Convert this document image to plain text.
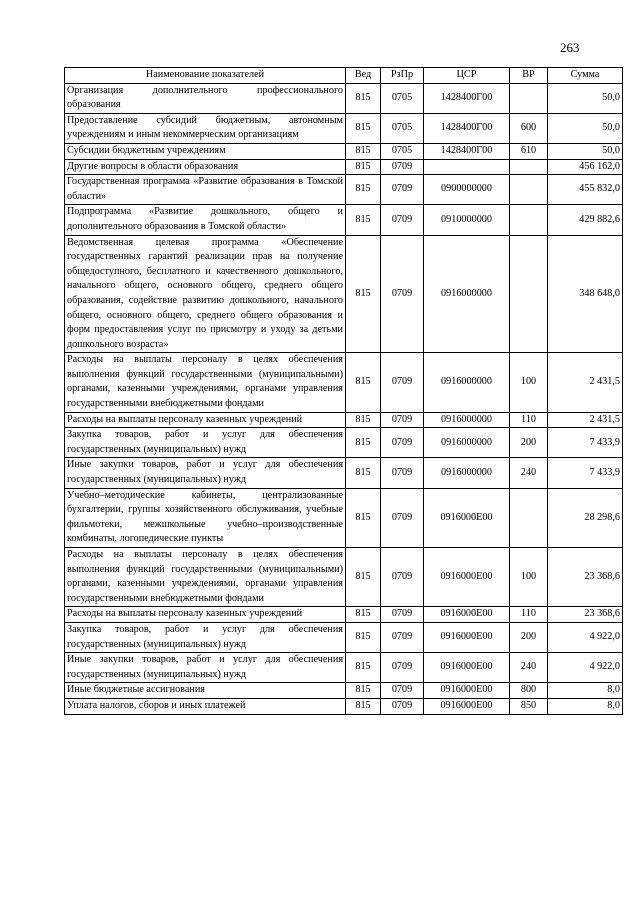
263
Наименование показателей	Вед	РзПр	ЦСР	ВР	Сумма
Организация дополнительного профессионального образования	815	0705	1428400Г00		50,0
Предоставление субсидий бюджетным, автономным учреждениям и иным некоммерческим организациям	815	0705	1428400Г00	600	50,0
Субсидии бюджетным учреждениям	815	0705	1428400Г00	610	50,0
Другие вопросы в области образования	815	0709			456 162,0
Государственная программа «Развитие образования в Томской области»	815	0709	0900000000		455 832,0
Подпрограмма «Развитие дошкольного, общего и дополнительного образования в Томской области»	815	0709	0910000000		429 882,6
Ведомственная целевая программа «Обеспечение государственных гарантий реализации прав на получение общедоступного, бесплатного и качественного дошкольного, начального общего, основного общего, среднего общего образования, содействие развитию дошкольного, начального общего, основного общего, среднего общего образования и форм предоставления услуг по присмотру и уходу за детьми дошкольного возраста»	815	0709	0916000000		348 648,0
Расходы на выплаты персоналу в целях обеспечения выполнения функций государственными (муниципальными) органами, казенными учреждениями, органами управления государственными внебюджетными фондами	815	0709	0916000000	100	2 431,5
Расходы на выплаты персоналу казенных учреждений	815	0709	0916000000	110	2 431,5
Закупка товаров, работ и услуг для обеспечения государственных (муниципальных) нужд	815	0709	0916000000	200	7 433,9
Иные закупки товаров, работ и услуг для обеспечения государственных (муниципальных) нужд	815	0709	0916000000	240	7 433,9
Учебно–методические кабинеты, централизованные бухгалтерии, группы хозяйственного обслуживания, учебные фильмотеки, межшкольные учебно–производственные комбинаты, логопедические пункты	815	0709	0916000Е00		28 298,6
Расходы на выплаты персоналу в целях обеспечения выполнения функций государственными (муниципальными) органами, казенными учреждениями, органами управления государственными внебюджетными фондами	815	0709	0916000Е00	100	23 368,6
Расходы на выплаты персоналу казенных учреждений	815	0709	0916000Е00	110	23 368,6
Закупка товаров, работ и услуг для обеспечения государственных (муниципальных) нужд	815	0709	0916000Е00	200	4 922,0
Иные закупки товаров, работ и услуг для обеспечения государственных (муниципальных) нужд	815	0709	0916000Е00	240	4 922,0
Иные бюджетные ассигнования	815	0709	0916000Е00	800	8,0
Уплата налогов, сборов и иных платежей	815	0709	0916000Е00	850	8,0
